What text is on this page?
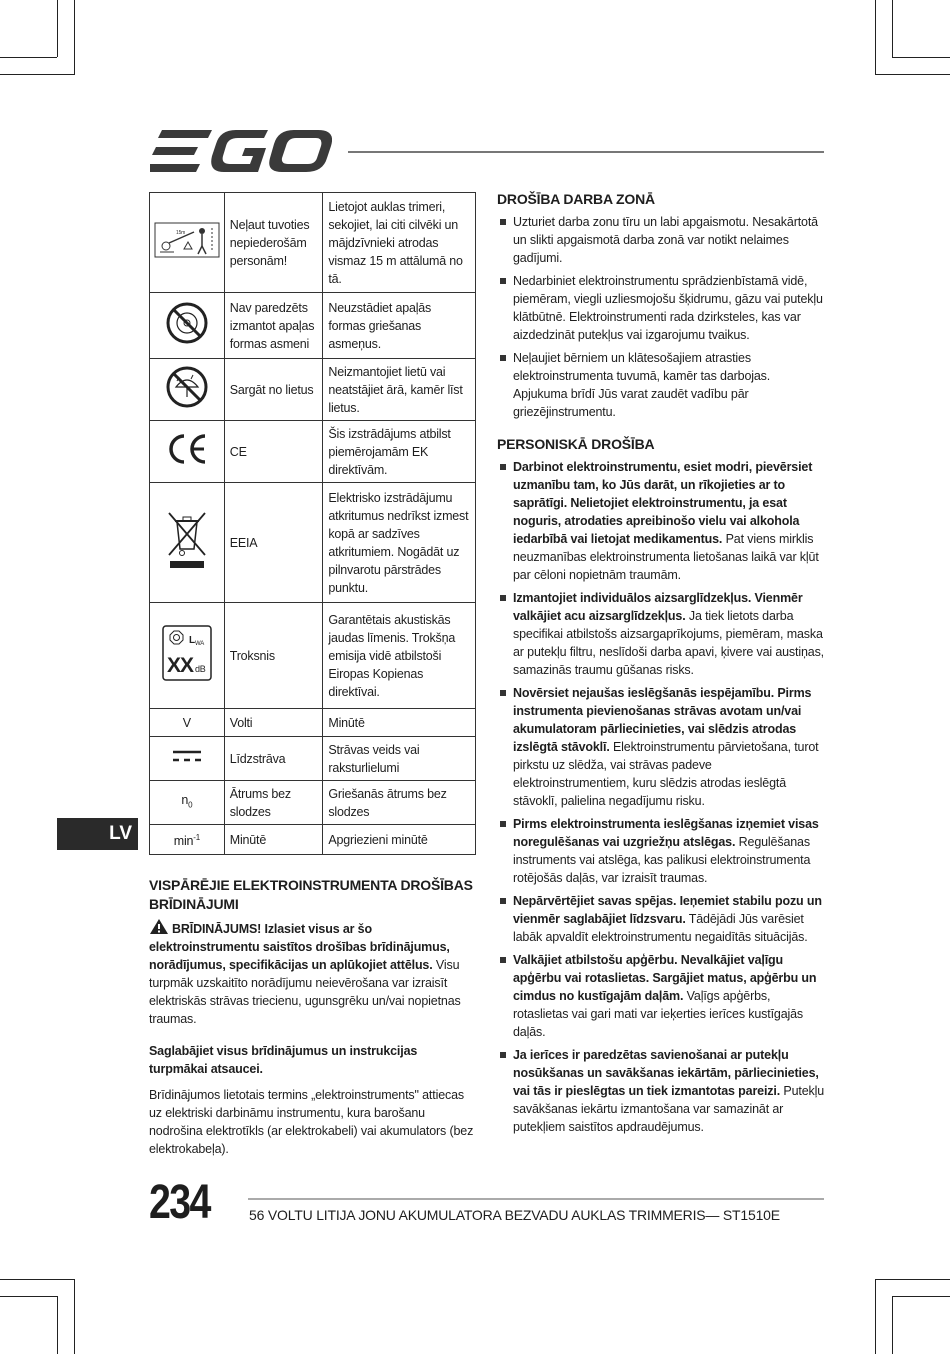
15m	Neļaut tuvoties nepiederošām personām!	Lietojot auklas trimeri, sekojiet, lai citi cilvēki un mājdzīvnieki atrodas vismaz 15 m attālumā no tā.
	Nav paredzēts izmantot apaļas formas asmeni	Neuzstādiet apaļās formas griešanas asmeņus.
	Sargāt no lietus	Neizmantojiet lietū vai neatstājiet ārā, kamēr līst lietus.
	CE	Šis izstrādājums atbilst piemērojamām EK direktīvām.
	EEIA	Elektrisko izstrādājumu atkritumus nedrīkst izmest kopā ar sadzīves atkritumiem. Nogādāt uz pilnvarotu pārstrādes punktu.

L WA
XX dB	Troksnis	Garantētais akustiskās jaudas līmenis. Trokšņa emisija vidē atbilstoši Eiropas Kopienas direktīvai.
V	Volti	Minūtē
	Līdzstrāva	Strāvas veids vai raksturlielumi
$n_0$	Ātrums bez slodzes	Griešanās ātrums bez slodzes
$\min^{-1}$	Minūtē	Apgriezieni minūtē
LV
VISPĀRĒJIE ELEKTROINSTRUMENTA DROŠĪBAS BRĪDINĀJUMI

BRĪDINĀJUMS! Izlasiet visus ar šo elektroinstrumentu saistītos drošības brīdinājumus, norādījumus, specifikācijas un aplūkojiet attēlus. Visu turpmāk uzskaitīto norādījumu neievērošana var izraisīt elektriskās strāvas triecienu, ugunsgrēku un/vai nopietnas traumas.

Saglabājiet visus brīdinājumus un instrukcijas turpmākai atsaucei.

Brīdinājumos lietotais termins „elektroinstruments" attiecas uz elektriski darbināmu instrumentu, kura barošanu nodrošina elektrotīkls (ar elektrokabeli) vai akumulators (bez elektrokabeļa).

DROŠĪBA DARBA ZONĀ
Uzturiet darba zonu tīru un labi apgaismotu. Nesakārtotā un slikti apgaismotā darba zonā var notikt nelaimes gadījumi.
Nedarbiniet elektroinstrumentu sprādzienbīstamā vidē, piemēram, viegli uzliesmojošu šķidrumu, gāzu vai putekļu klātbūtnē. Elektroinstrumenti rada dzirksteles, kas var aizdedzināt putekļus vai izgarojumu tvaikus.
Neļaujiet bērniem un klātesošajiem atrasties elektroinstrumenta tuvumā, kamēr tas darbojas. Apjukuma brīdī Jūs varat zaudēt vadību pār griezējinstrumentu.
PERSONISKĀ DROŠĪBA
Darbinot elektroinstrumentu, esiet modri, pievērsiet uzmanību tam, ko Jūs darāt, un rīkojieties ar to saprātīgi. Nelietojiet elektroinstrumentu, ja esat noguris, atrodaties apreibinošo vielu vai alkohola iedarbībā vai lietojat medikamentus. Pat viens mirklis neuzmanības elektroinstrumenta lietošanas laikā var kļūt par cēloni nopietnām traumām.
Izmantojiet individuālos aizsarglīdzekļus. Vienmēr valkājiet acu aizsarglīdzekļus. Ja tiek lietots darba specifikai atbilstošs aizsargaprīkojums, piemēram, maska ar putekļu filtru, neslīdoši darba apavi, ķivere vai austiņas, samazinās traumu gūšanas risks.
Novērsiet nejaušas ieslēgšanās iespējamību. Pirms instrumenta pievienošanas strāvas avotam un/vai akumulatoram pārliecinieties, vai slēdzis atrodas izslēgtā stāvoklī. Elektroinstrumentu pārvietošana, turot pirkstu uz slēdža, vai strāvas padeve elektroinstrumentiem, kuru slēdzis atrodas ieslēgtā stāvoklī, palielina negadījumu risku.
Pirms elektroinstrumenta ieslēgšanas izņemiet visas noregulēšanas vai uzgriežņu atslēgas. Regulēšanas instruments vai atslēga, kas palikusi elektroinstrumenta rotējošās daļās, var izraisīt traumas.
Nepārvērtējiet savas spējas. Ieņemiet stabilu pozu un vienmēr saglabājiet līdzsvaru. Tādējādi Jūs varēsiet labāk apvaldīt elektroinstrumentu negaidītās situācijās.
Valkājiet atbilstošu apģērbu. Nevalkājiet vaļīgu apģērbu vai rotaslietas. Sargājiet matus, apģērbu un cimdus no kustīgajām daļām. Vaļīgs apģērbs, rotaslietas vai gari mati var ieķerties ierīces kustīgajās daļās.
Ja ierīces ir paredzētas savienošanai ar putekļu nosūkšanas un savākšanas iekārtām, pārliecinieties, vai tās ir pieslēgtas un tiek izmantotas pareizi. Putekļu savākšanas iekārtu izmantošana var samazināt ar putekļiem saistītos apdraudējumus.
234	56 VOLTU LITIJA JONU AKUMULATORA BEZVADU AUKLAS TRIMMERIS— ST1510E
